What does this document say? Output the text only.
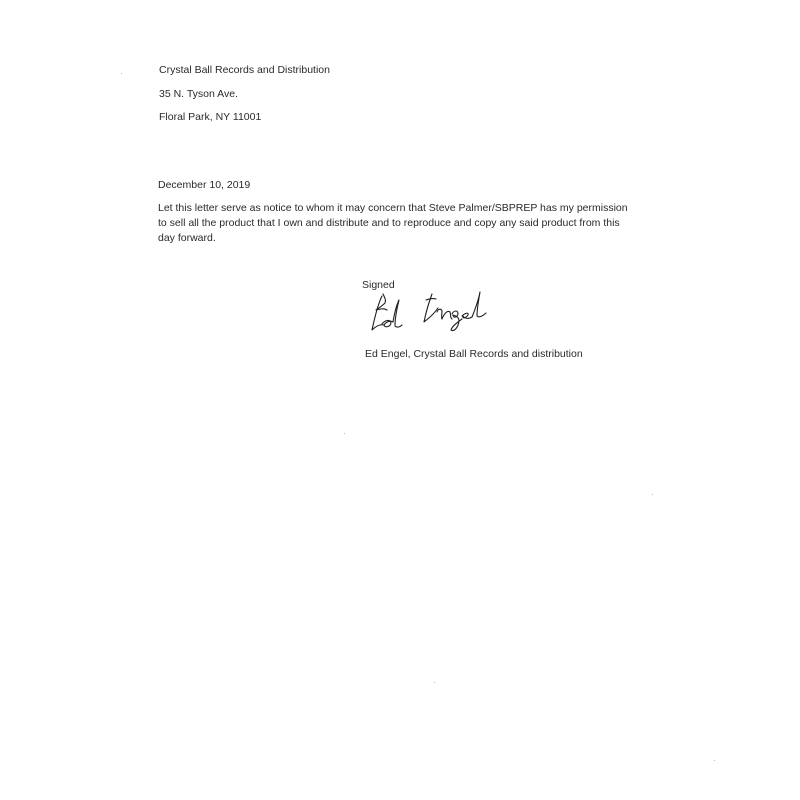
Crystal Ball Records and Distribution
35 N. Tyson Ave.
Floral Park, NY 11001
December 10, 2019
Let this letter serve as notice to whom it may concern that Steve Palmer/SBPREP has my permission to sell all the product that I own and distribute and to reproduce and copy any said product from this day forward.
Signed
Ed Engel, Crystal Ball Records and distribution
